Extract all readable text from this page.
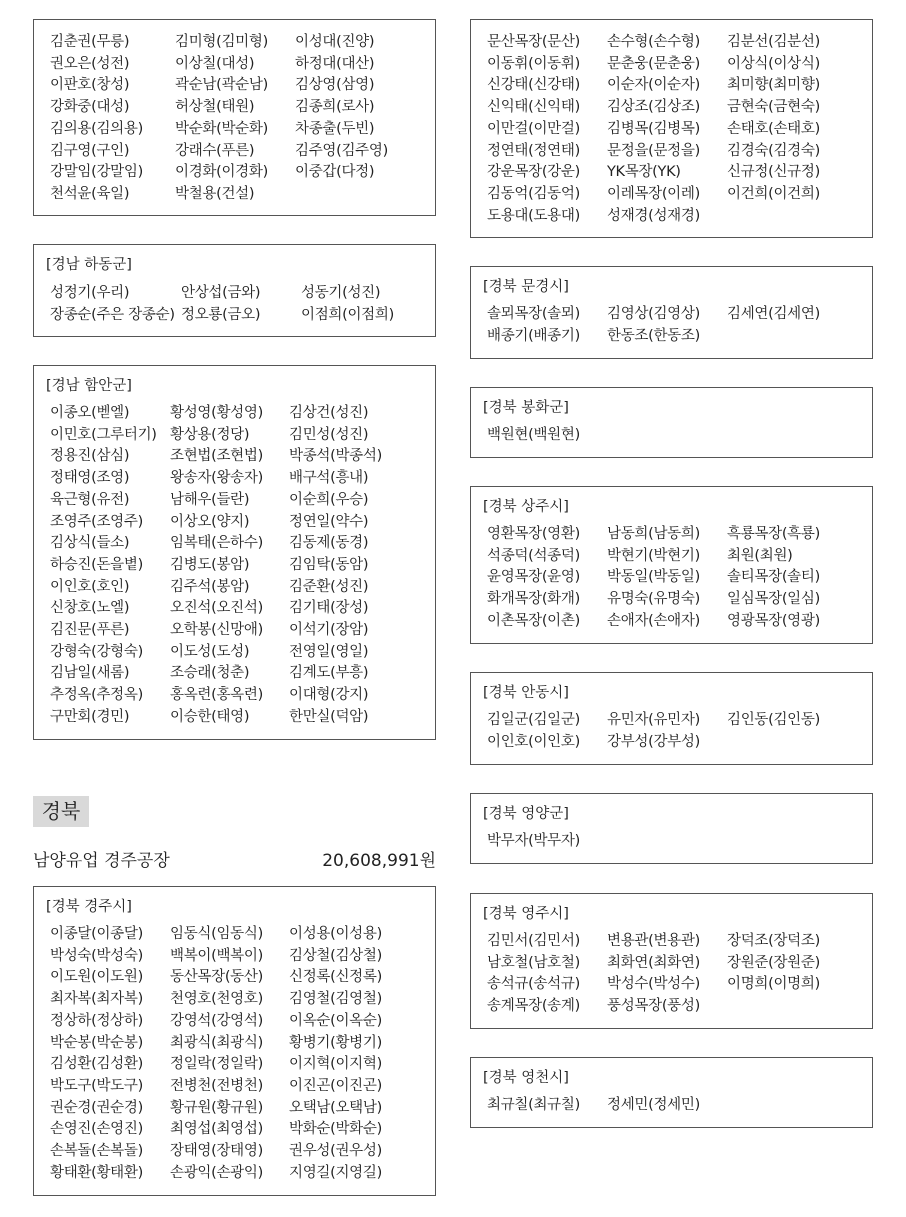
김춘권(무릉)	김미형(김미형)	이성대(진양)
권오은(성전)	이상칠(대성)	하정대(대산)
이판호(창성)	곽순남(곽순남)	김상영(삼영)
강화중(대성)	허상철(태원)	김종희(로사)
김의용(김의용)	박순화(박순화)	차종출(두빈)
김구영(구인)	강래수(푸른)	김주영(김주영)
강말임(강말임)	이경화(이경화)	이중갑(다정)
천석윤(육일)	박철용(건설)
[경남 하동군]
성정기(우리)	안상섭(금와)	성동기(성진)
장종순(주은 장종순) 정오룡(금오)	이점희(이점희)
[경남 함안군]
이종오(벧엘)	황성영(황성영)	김상건(성진)
이민호(그루터기) 황상용(정당)	김민성(성진)
정용진(삼심)	조현법(조현법)	박종석(박종석)
정태영(조영)	왕송자(왕송자)	배구석(흥내)
육근형(유전)	남해우(들란)	이순희(우승)
조영주(조영주)	이상오(양지)	정연일(약수)
김상식(들소)	임복태(은하수)	김동제(동경)
하승진(돈을볕)	김병도(봉암)	김임탁(동암)
이인호(호인)	김주석(봉암)	김준환(성진)
신창호(노엘)	오진석(오진석)	김기태(장성)
김진문(푸른)	오학봉(신망애)	이석기(장암)
강형숙(강형숙)	이도성(도성)	전영일(영일)
김남일(새롬)	조승래(청춘)	김계도(부흥)
추정옥(추정옥)	홍옥련(홍옥련)	이대형(강지)
구만회(경민)	이승한(태영)	한만실(덕암)
경북
남양유업 경주공장	20,608,991원
[경북 경주시]
이종달(이종달)	임동식(임동식)	이성용(이성용)
박성숙(박성숙)	백복이(백복이)	김상철(김상철)
이도원(이도원)	동산목장(동산)	신정록(신정록)
최자복(최자복)	천영호(천영호)	김영철(김영철)
정상하(정상하)	강영석(강영석)	이옥순(이옥순)
박순봉(박순봉)	최광식(최광식)	황병기(황병기)
김성환(김성환)	정일락(정일락)	이지혁(이지혁)
박도구(박도구)	전병천(전병천)	이진곤(이진곤)
권순경(권순경)	황규원(황규원)	오택남(오택남)
손영진(손영진)	최영섭(최영섭)	박화순(박화순)
손복돌(손복돌)	장태영(장태영)	권우성(권우성)
황태환(황태환)	손광익(손광익)	지영길(지영길)
문산목장(문산)	손수형(손수형)	김분선(김분선)
이동휘(이동휘)	문춘웅(문춘웅)	이상식(이상식)
신강태(신강태)	이순자(이순자)	최미향(최미향)
신익태(신익태)	김상조(김상조)	금현숙(금현숙)
이만걸(이만걸)	김병목(김병목)	손태호(손태호)
정연태(정연태)	문정을(문정을)	김경숙(김경숙)
강운목장(강운)	YK목장(YK)	신규정(신규정)
김동억(김동억)	이레목장(이레)	이건희(이건희)
도용대(도용대)	성재경(성재경)
[경북 문경시]
솔뫼목장(솔뫼)	김영상(김영상)	김세연(김세연)
배종기(배종기)	한동조(한동조)
[경북 봉화군]
백원현(백원현)
[경북 상주시]
영환목장(영환)	남동희(남동희)	흑룡목장(흑룡)
석종덕(석종덕)	박현기(박현기)	최원(최원)
윤영목장(윤영)	박동일(박동일)	솔티목장(솔티)
화개목장(화개)	유명숙(유명숙)	일심목장(일심)
이촌목장(이촌)	손애자(손애자)	영광목장(영광)
[경북 안동시]
김일군(김일군)	유민자(유민자)	김인동(김인동)
이인호(이인호)	강부성(강부성)
[경북 영양군]
박무자(박무자)
[경북 영주시]
김민서(김민서)	변용관(변용관)	장덕조(장덕조)
남호철(남호철)	최화연(최화연)	장원준(장원준)
송석규(송석규)	박성수(박성수)	이명희(이명희)
송계목장(송계)	풍성목장(풍성)
[경북 영천시]
최규칠(최규칠)	정세민(정세민)
